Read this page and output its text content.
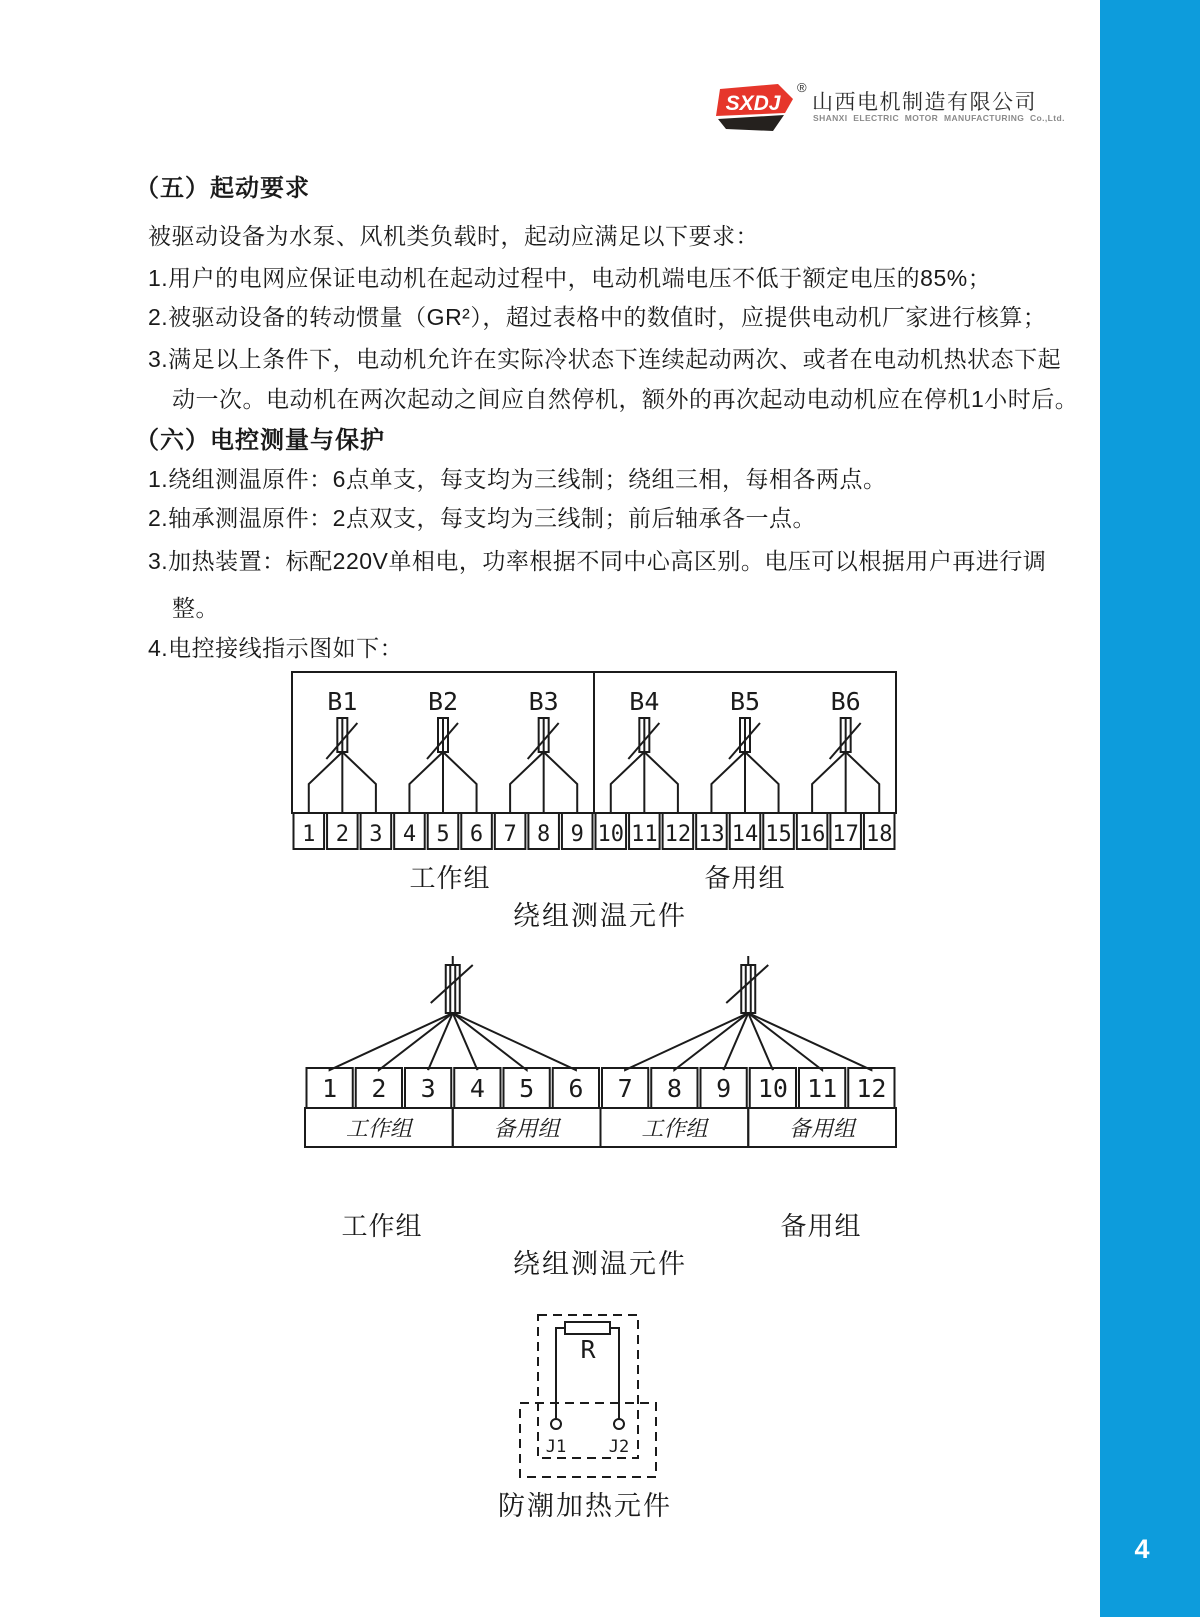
SXDJ
®
山西电机制造有限公司
SHANXI ELECTRIC MOTOR MANUFACTURING Co.,Ltd.
（五）起动要求
（六）电控测量与保护
1 2 3 4 5 6 7 8 9 10 11 12 13 14 15 16 17 18
B1	B2	B3	B4	B5	B6
工作组	备用组
绕组测温元件
1 2 3 4 5 6 7 8 9 10 11 12
工作组	备用组	工作组	备用组
工作组	备用组
绕组测温元件
R
J1	J2
防潮加热元件
4
被驱动设备为水泵、风机类负载时，起动应满足以下要求：
1.用户的电网应保证电动机在起动过程中，电动机端电压不低于额定电压的85%；
2.被驱动设备的转动惯量（GR²），超过表格中的数值时，应提供电动机厂家进行核算；
3.满足以上条件下，电动机允许在实际冷状态下连续起动两次、或者在电动机热状态下起
动一次。电动机在两次起动之间应自然停机，额外的再次起动电动机应在停机1小时后。
1.绕组测温原件：6点单支，每支均为三线制；绕组三相，每相各两点。
2.轴承测温原件：2点双支，每支均为三线制；前后轴承各一点。
3.加热装置：标配220V单相电，功率根据不同中心高区别。电压可以根据用户再进行调
整。
4.电控接线指示图如下：
